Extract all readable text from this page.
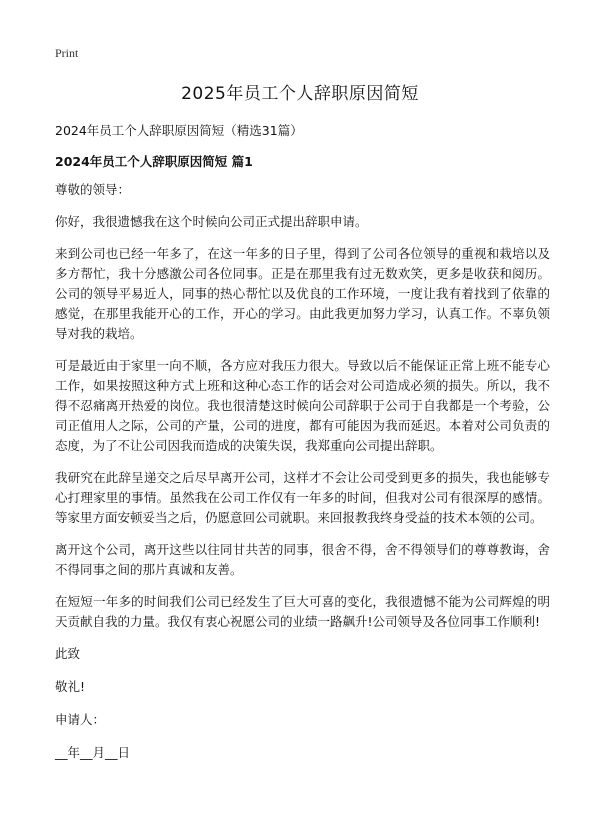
Print
2025年员工个人辞职原因简短

2024年员工个人辞职原因简短（精选31篇）

2024年员工个人辞职原因简短 篇1

尊敬的领导：

你好，我很遗憾我在这个时候向公司正式提出辞职申请。

来到公司也已经一年多了，在这一年多的日子里，得到了公司各位领导的重视和栽培以及多方帮忙，我十分感激公司各位同事。正是在那里我有过无数欢笑，更多是收获和阅历。公司的领导平易近人，同事的热心帮忙以及优良的工作环境，一度让我有着找到了依靠的感觉，在那里我能开心的工作，开心的学习。由此我更加努力学习，认真工作。不辜负领导对我的栽培。

可是最近由于家里一向不顺，各方应对我压力很大。导致以后不能保证正常上班不能专心工作，如果按照这种方式上班和这种心态工作的话会对公司造成必须的损失。所以，我不得不忍痛离开热爱的岗位。我也很清楚这时候向公司辞职于公司于自我都是一个考验，公司正值用人之际，公司的产量，公司的进度，都有可能因为我而延迟。本着对公司负责的态度，为了不让公司因我而造成的决策失误，我郑重向公司提出辞职。

我研究在此辞呈递交之后尽早离开公司，这样才不会让公司受到更多的损失，我也能够专心打理家里的事情。虽然我在公司工作仅有一年多的时间，但我对公司有很深厚的感情。等家里方面安顿妥当之后，仍愿意回公司就职。来回报教我终身受益的技术本领的公司。

离开这个公司，离开这些以往同甘共苦的同事，很舍不得，舍不得领导们的尊尊教诲，舍不得同事之间的那片真诚和友善。

在短短一年多的时间我们公司已经发生了巨大可喜的变化，我很遗憾不能为公司辉煌的明天贡献自我的力量。我仅有衷心祝愿公司的业绩一路飙升!公司领导及各位同事工作顺利!

此致

敬礼!

申请人：

__年__月__日
